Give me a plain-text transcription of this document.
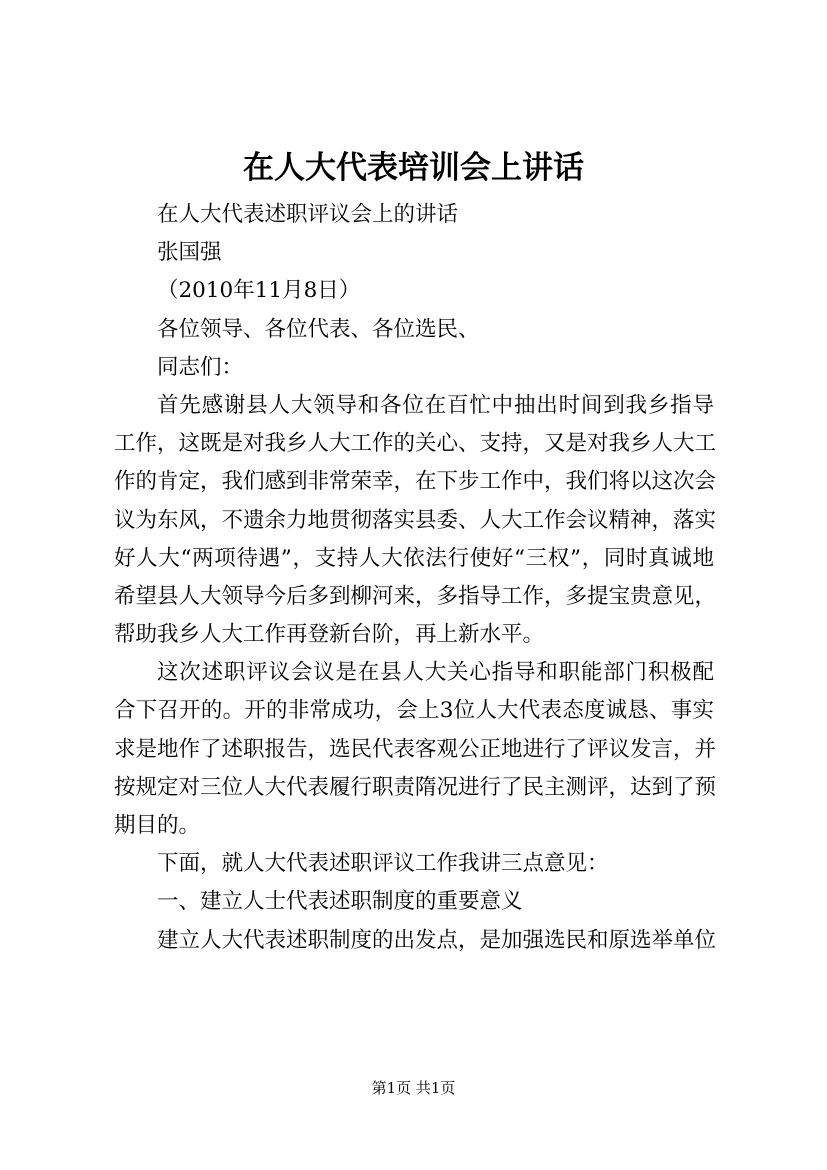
在人大代表培训会上讲话
在人大代表述职评议会上的讲话
张国强
（2010年11月8日）
各位领导、各位代表、各位选民、
同志们：
首先感谢县人大领导和各位在百忙中抽出时间到我乡指导
工作，这既是对我乡人大工作的关心、支持，又是对我乡人大工
作的肯定，我们感到非常荣幸，在下步工作中，我们将以这次会
议为东风，不遗余力地贯彻落实县委、人大工作会议精神，落实
好人大“两项待遇”，支持人大依法行使好“三权”，同时真诚地
希望县人大领导今后多到柳河来，多指导工作，多提宝贵意见，
帮助我乡人大工作再登新台阶，再上新水平。
这次述职评议会议是在县人大关心指导和职能部门积极配
合下召开的。开的非常成功，会上3位人大代表态度诚恳、事实
求是地作了述职报告，选民代表客观公正地进行了评议发言，并
按规定对三位人大代表履行职责隋况进行了民主测评，达到了预
期目的。
下面，就人大代表述职评议工作我讲三点意见：
一、建立人士代表述职制度的重要意义
建立人大代表述职制度的出发点，是加强选民和原选举单位
第1页 共1页
